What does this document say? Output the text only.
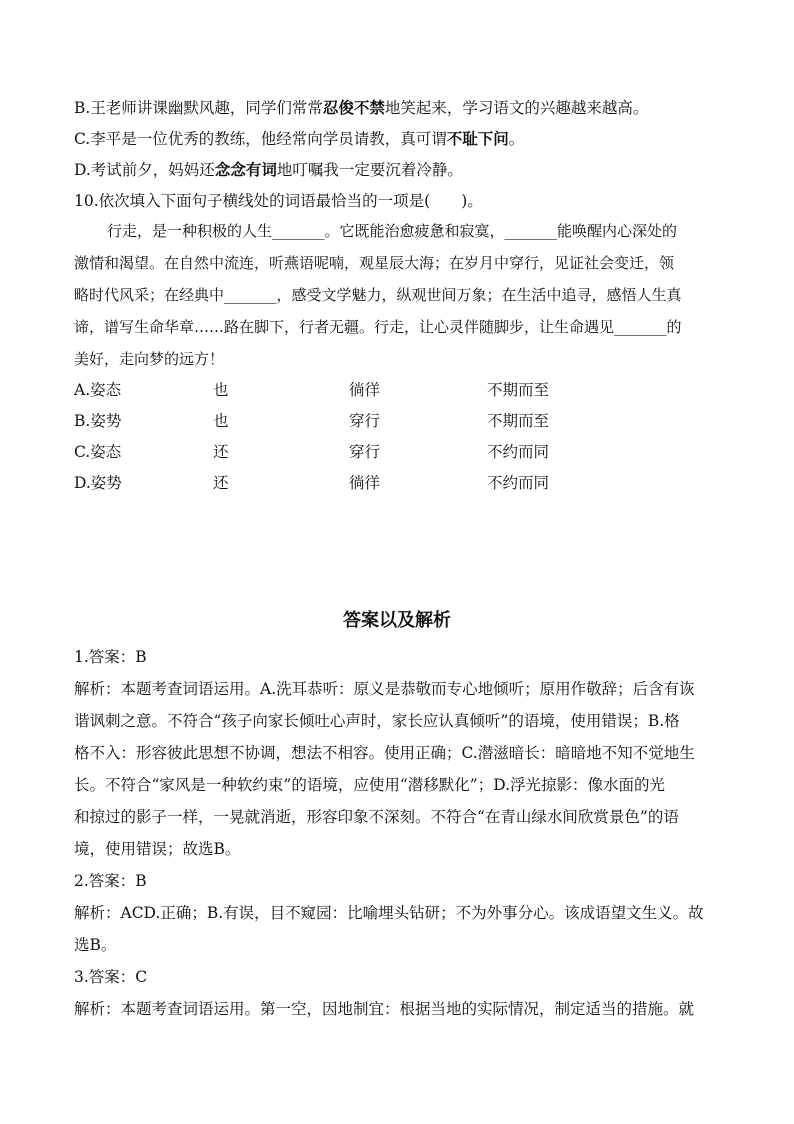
B.王老师讲课幽默风趣，同学们常常忍俊不禁地笑起来，学习语文的兴趣越来越高。
C.李平是一位优秀的教练，他经常向学员请教，真可谓不耻下问。
D.考试前夕，妈妈还念念有词地叮嘱我一定要沉着冷静。
10.依次填入下面句子横线处的词语最恰当的一项是(　　)。
行走，是一种积极的人生_______。它既能治愈疲惫和寂寞，_______能唤醒内心深处的
激情和渴望。在自然中流连，听燕语呢喃，观星辰大海；在岁月中穿行，见证社会变迁，领
略时代风采；在经典中_______，感受文学魅力，纵观世间万象；在生活中追寻，感悟人生真
谛，谱写生命华章……路在脚下，行者无疆。行走，让心灵伴随脚步，让生命遇见_______的
美好，走向梦的远方！
A.姿态	也	徜徉	不期而至
B.姿势	也	穿行	不期而至
C.姿态	还	穿行	不约而同
D.姿势	还	徜徉	不约而同
答案以及解析
1.答案：B
解析：本题考查词语运用。A.洗耳恭听：原义是恭敬而专心地倾听；原用作敬辞；后含有诙
谐讽刺之意。不符合“孩子向家长倾吐心声时，家长应认真倾听”的语境，使用错误；B.格
格不入：形容彼此思想不协调，想法不相容。使用正确；C.潜滋暗长：暗暗地不知不觉地生
长。不符合“家风是一种软约束”的语境，应使用“潜移默化”；D.浮光掠影：像水面的光
和掠过的影子一样，一晃就消逝，形容印象不深刻。不符合“在青山绿水间欣赏景色”的语
境，使用错误；故选B。
2.答案：B
解析：ACD.正确；B.有误，目不窥园：比喻埋头钻研；不为外事分心。该成语望文生义。故
选B。
3.答案：C
解析：本题考查词语运用。第一空，因地制宜：根据当地的实际情况，制定适当的措施。就
